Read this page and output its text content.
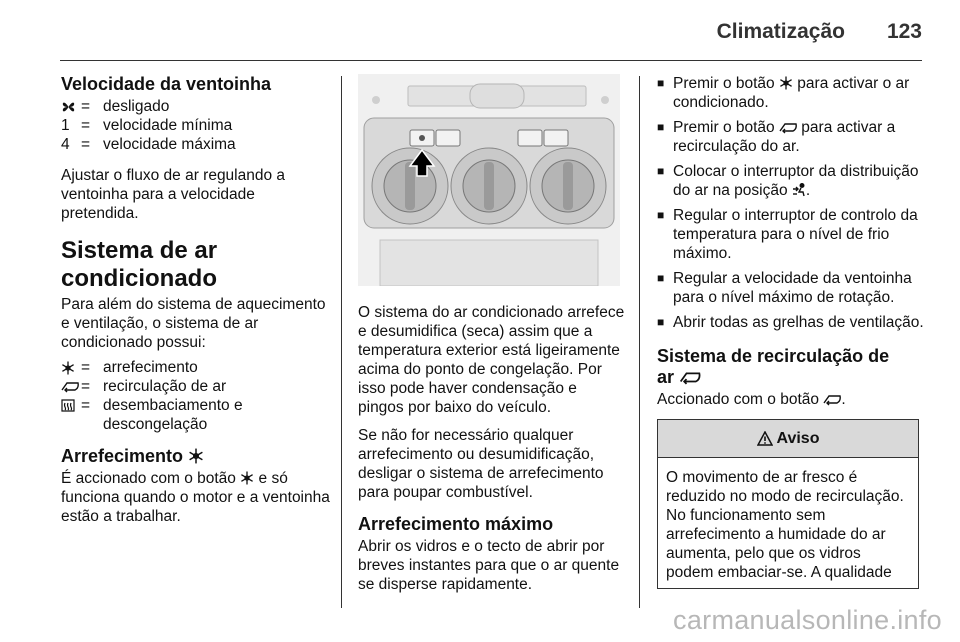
Climatização 123
Velocidade da ventoinha
= desligado
1 = velocidade mínima
4 = velocidade máxima

Ajustar o fluxo de ar regulando a ventoinha para a velocidade pretendida.

Sistema de ar condicionado

Para além do sistema de aquecimento e ventilação, o sistema de ar condicionado possui:

= arrefecimento
= recirculação de ar
= desembaciamento e descongelação
Arrefecimento

É accionado com o botão e só funciona quando o motor e a ventoinha estão a trabalhar.

O sistema do ar condicionado arrefece e desumidifica (seca) assim que a temperatura exterior está ligeiramente acima do ponto de congelação. Por isso pode haver condensação e pingos por baixo do veículo.

Se não for necessário qualquer arrefecimento ou desumidificação, desligar o sistema de arrefecimento para poupar combustível.

Arrefecimento máximo

Abrir os vidros e o tecto de abrir por breves instantes para que o ar quente se disperse rapidamente.

■ Premir o botão para activar o ar condicionado.
■ Premir o botão para activar a recirculação do ar.
■ Colocar o interruptor da distribuição do ar na posição .
■ Regular o interruptor de controlo da temperatura para o nível de frio máximo.
■ Regular a velocidade da ventoinha para o nível máximo de rotação.
■ Abrir todas as grelhas de ventilação.
Sistema de recirculação de
ar

Accionado com o botão .

Aviso

O movimento de ar fresco é reduzido no modo de recirculação. No funcionamento sem arrefecimento a humidade do ar aumenta, pelo que os vidros podem embaciar-se. A qualidade

carmanualsonline.info
